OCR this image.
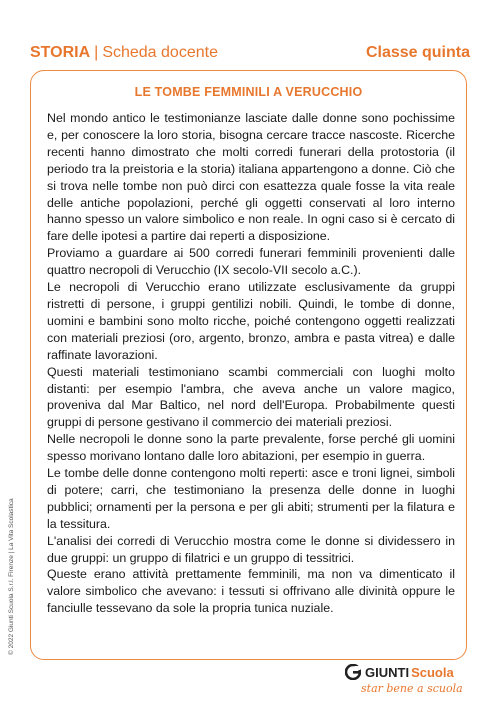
STORIA | Scheda docente	Classe quinta
LE TOMBE FEMMINILI A VERUCCHIO

Nel mondo antico le testimonianze lasciate dalle donne sono pochissime e, per conoscere la loro storia, bisogna cercare tracce nascoste. Ricerche recenti hanno dimostrato che molti corredi funerari della protostoria (il periodo tra la preistoria e la storia) italiana appartengono a donne. Ciò che si trova nelle tombe non può dirci con esattezza quale fosse la vita reale delle antiche popolazioni, perché gli oggetti conservati al loro interno hanno spesso un valore simbolico e non reale. In ogni caso si è cercato di fare delle ipotesi a partire dai reperti a disposizione.

Proviamo a guardare ai 500 corredi funerari femminili provenienti dalle quattro necropoli di Verucchio (IX secolo-VII secolo a.C.).

Le necropoli di Verucchio erano utilizzate esclusivamente da gruppi ristretti di persone, i gruppi gentilizi nobili. Quindi, le tombe di donne, uomini e bambini sono molto ricche, poiché contengono oggetti realizzati con materiali preziosi (oro, argento, bronzo, ambra e pasta vitrea) e dalle raffinate lavorazioni.

Questi materiali testimoniano scambi commerciali con luoghi molto distanti: per esempio l'ambra, che aveva anche un valore magico, proveniva dal Mar Baltico, nel nord dell'Europa. Probabilmente questi gruppi di persone gestivano il commercio dei materiali preziosi.

Nelle necropoli le donne sono la parte prevalente, forse perché gli uomini spesso morivano lontano dalle loro abitazioni, per esempio in guerra.

Le tombe delle donne contengono molti reperti: asce e troni lignei, simboli di potere; carri, che testimoniano la presenza delle donne in luoghi pubblici; ornamenti per la persona e per gli abiti; strumenti per la filatura e la tessitura.

L'analisi dei corredi di Verucchio mostra come le donne si dividessero in due gruppi: un gruppo di filatrici e un gruppo di tessitrici.

Queste erano attività prettamente femminili, ma non va dimenticato il valore simbolico che avevano: i tessuti si offrivano alle divinità oppure le fanciulle tessevano da sole la propria tunica nuziale.

© 2022 Giunti Scuola S.r.l. Firenze | La Vita Scolastica
GIUNTI Scuola
star bene a scuola
